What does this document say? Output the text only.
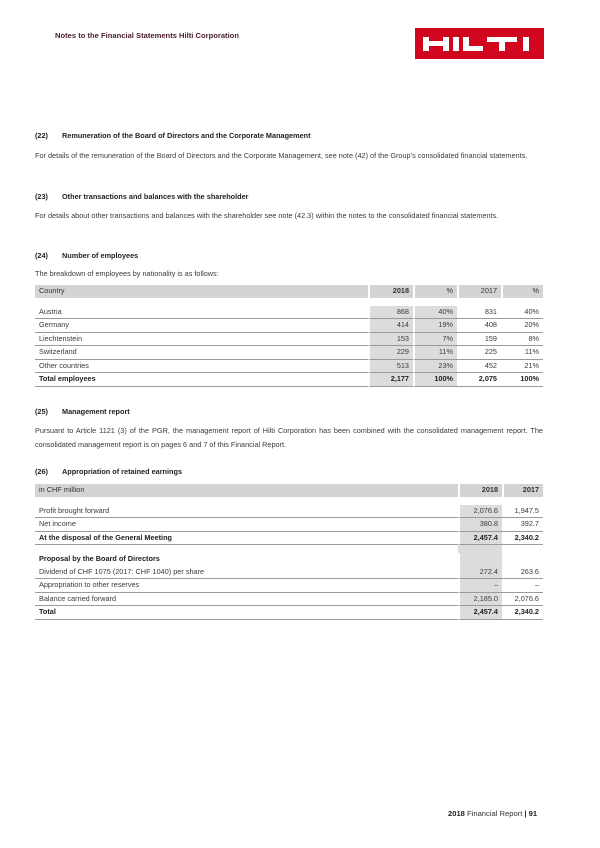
Notes to the Financial Statements Hilti Corporation
(22) Remuneration of the Board of Directors and the Corporate Management
For details of the remuneration of the Board of Directors and the Corporate Management, see note (42) of the Group’s consolidated financial statements.
(23) Other transactions and balances with the shareholder
For details about other transactions and balances with the shareholder see note (42.3) within the notes to the consolidated financial statements.
(24) Number of employees
The breakdown of employees by nationality is as follows:
Country	2018	%	2017	%

Austria	868	40%	831	40%
Germany	414	19%	408	20%
Liechtenstein	153	7%	159	8%
Switzerland	229	11%	225	11%
Other countries	513	23%	452	21%
Total employees	2,177	100%	2,075	100%
(25) Management report
Pursuant to Article 1121 (3) of the PGR, the management report of Hilti Corporation has been combined with the consolidated management report. The consolidated management report is on pages 6 and 7 of this Financial Report.
(26) Appropriation of retained earnings
in CHF million	2018	2017

Profit brought forward	2,076.6	1,947.5
Net income	380.8	392.7
At the disposal of the General Meeting	2,457.4	2,340.2

Proposal by the Board of Directors		
Dividend of CHF 1075 (2017: CHF 1040) per share	272.4	263.6
Appropriation to other reserves	–	–
Balance carried forward	2,185.0	2,076.6
Total	2,457.4	2,340.2
2018 Financial Report | 91
